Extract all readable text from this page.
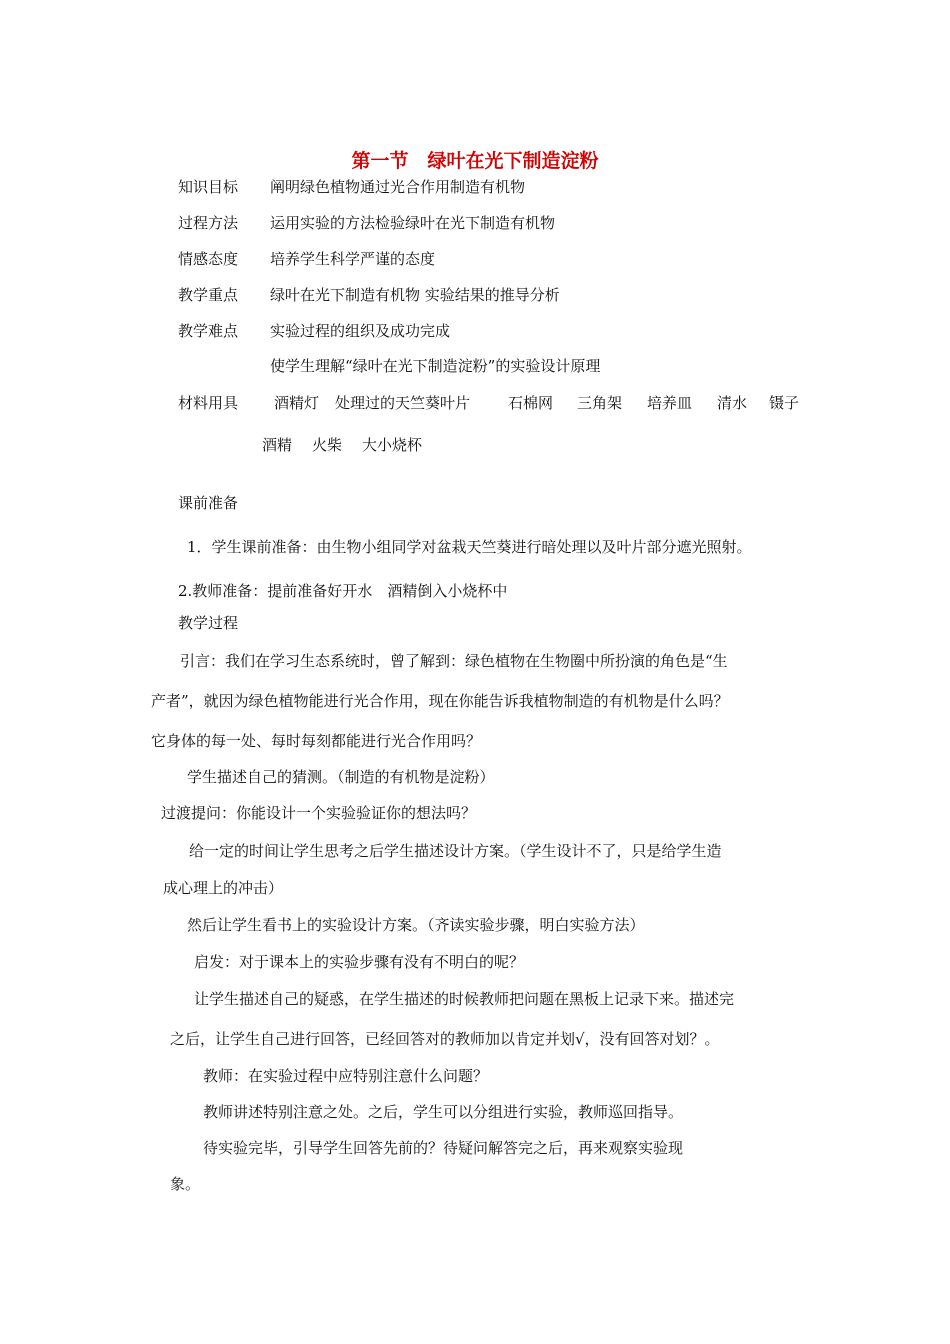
第一节　绿叶在光下制造淀粉
知识目标 阐明绿色植物通过光合作用制造有机物
过程方法 运用实验的方法检验绿叶在光下制造有机物
情感态度 培养学生科学严谨的态度
教学重点 绿叶在光下制造有机物 实验结果的推导分析
教学难点 实验过程的组织及成功完成
使学生理解“绿叶在光下制造淀粉”的实验设计原理
材料用具 酒精灯 处理过的天竺葵叶片	石棉网 三角架 培养皿 清水 镊子
酒精 火柴 大小烧杯
课前准备
1．学生课前准备：由生物小组同学对盆栽天竺葵进行暗处理以及叶片部分遮光照射。
2.教师准备：提前准备好开水　酒精倒入小烧杯中
教学过程
引言：我们在学习生态系统时，曾了解到：绿色植物在生物圈中所扮演的角色是“生
产者”，就因为绿色植物能进行光合作用，现在你能告诉我植物制造的有机物是什么吗？
它身体的每一处、每时每刻都能进行光合作用吗？
学生描述自己的猜测。（制造的有机物是淀粉）
过渡提问：你能设计一个实验验证你的想法吗？
给一定的时间让学生思考之后学生描述设计方案。（学生设计不了，只是给学生造
成心理上的冲击）
然后让学生看书上的实验设计方案。（齐读实验步骤，明白实验方法）
启发：对于课本上的实验步骤有没有不明白的呢？
让学生描述自己的疑惑，在学生描述的时候教师把问题在黑板上记录下来。描述完
之后，让学生自己进行回答，已经回答对的教师加以肯定并划√，没有回答对划？。
教师：在实验过程中应特别注意什么问题？
教师讲述特别注意之处。之后，学生可以分组进行实验，教师巡回指导。
待实验完毕，引导学生回答先前的？待疑问解答完之后，再来观察实验现
象。
